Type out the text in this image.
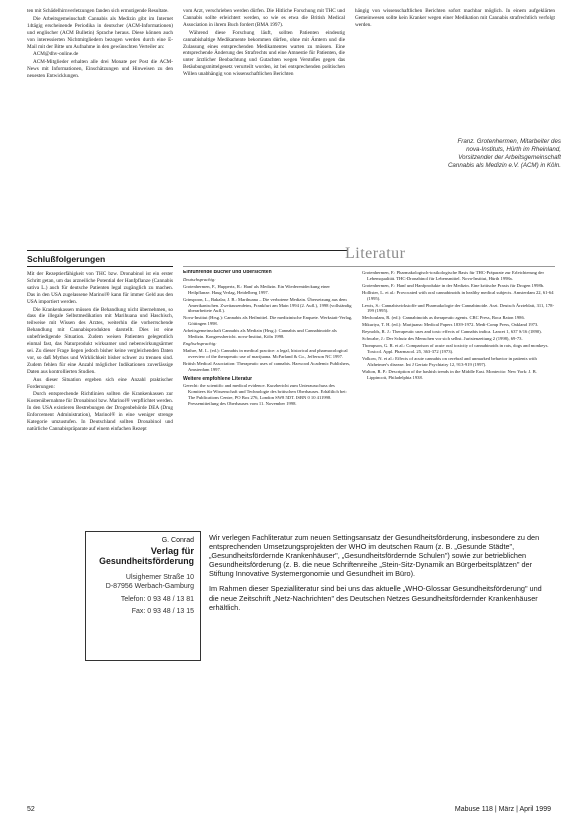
ten mit Schädelhirnverletzungen fanden sich ermutigende Resultate.

Die Arbeitsgemeinschaft Cannabis als Medizin gibt im Internet 14tägig erscheinende Periodika in deutscher (ACM-Informationen) und englischer (ACM Bulletin) Sprache heraus. Diese können auch von interessierten Nichtmitgliedern bezogen werden durch eine E-Mail mit der Bitte um Aufnahme in den gewünschten Verteiler an:

ACM@dhv-online.de

ACM-Mitglieder erhalten alle drei Monate per Post die ACM-News mit Informationen, Einschätzungen und Hinweisen zu den neuesten Entwicklungen.

vom Arzt, verschrieben werden dürfen. Die Hitliche Forschung mit THC und Cannabis sollte erleichtert werden, so wie es etwa die British Medical Association in ihrem Buch fordert (BMA 1997).

Während diese Forschung läuft, sollten Patienten eindeutig cannabishaltige Medikamente bekommen dürfen, ohne mit Ämtern und die Zulassung eines entsprechenden Medikamentes warten zu müssen. Eine entsprechende Änderung des Strafrechts und eine Amnestie für Patienten, die unter ärztlicher Beobachtung und Gutachten wegen Verstoßes gegen das Betäubungsmittelgesetz verurteilt worden, ist bei entsprechenden politischen Willen unabhängig von wissenschaftlichen Berichten

hängig von wissenschaftlichen Berichten sofort machbar möglich. In einem aufgeklärten Gemeinwesen sollte kein Kranker wegen einer Medikation mit Cannabis strafrechtlich verfolgt werden.

Franz. Grotenhermen, Mitarbeiter des
nova-Instituts, Hürth im Rheinland,
Vorsitzender der Arbeitsgemeinschaft
Cannabis als Medizin e.V. (ACM) in Köln.
Schlußfolgerungen

Mit der Rezeptierfähigkeit von THC bzw. Dronabinol ist ein erster Schritt getan, um das arzneiliche Potential der Hanfpflanze (Cannabis sativa L.) auch für deutsche Patienten legal zugänglich zu machen. Das in den USA zugelassene Marinol® kann für immer Geld aus den USA importiert werden.

Die Krankenkassen müssen die Behandlung nicht übernehmen, so dass die illegale Selbstmedikation mit Marihuana und Haschisch, teilweise mit Wissen des Arztes, weiterhin die vorherrschende Behandlung mit Cannabisprodukten darstellt. Dies ist eine unbefriedigende Situation. Zudem weisen Patienten gelegentlich einmal fast, das Naturprodukt wirksamer und nebenwirkungsärmer sei. Zu dieser Frage liegen jedoch bisher keine vergleichenden Daten vor, so daß Mythos und Wirklichkeit bisher schwer zu trennen sind. Zudem fehlen für eine Anzahl möglicher Indikationen zuverlässige Daten aus kontrollierten Studien.

Aus dieser Situation ergeben sich eine Anzahl praktischer Forderungen:

Durch entsprechende Richtlinien sollten die Krankenkassen zur Kostenübernahme für Dronabinol bzw. Marinol® verpflichtet werden. In den USA existieren Bestrebungen der Drogenbehörde DEA (Drug Enforcement Administration), Marinol® in eine weniger strenge Kategorie umzustufen. In Deutschland sollten Dronabinol und natürliche Cannabispräparate auf einem einfachen Rezept

Literatur
Einführende Bücher und Übersichten
Deutschsprachig:

Grotenhermen, F., Huppertz, R.: Hanf als Medizin. Ein Wiederentdeckung einer Heilpflanze. Haug Verlag, Heidelberg 1997.

Grinspoon, L., Bakalar, J. B.: Marihuana – Die verbotene Medizin. Übersetzung aus dem Amerikanischen. Zweitausendeins, Frankfurt am Main 1994 (2. Aufl.), 1998 (vollständig überarbeitete Aufl.).

Nova-Institut (Hrsg.): Cannabis als Heilmittel. Die medizinische Enquete. Werkstatt-Verlag, Göttingen 1998.

Arbeitsgemeinschaft Cannabis als Medizin (Hrsg.): Cannabis und Cannabinoide als Medizin. Kongressbericht. nova-Institut, Köln 1998.

Englischsprachig:

Mathre, M. L. (ed.): Cannabis in medical practice: a legal, historical and pharmacological overview of the therapeutic use of marijuana. McFarland & Co., Jefferson NC 1997.

British Medical Association: Therapeutic uses of cannabis. Harwood Academic Publishers, Amsterdam 1997.

Weitere empfohlene Literatur

Gerecht: the scientific and medical evidence. Kurzbericht zum Unterausschuss des Komitees für Wissenschaft und Technologie des britischen Oberhauses. Erhältlich bei: The Publications Centre, PO Box 276, London SW8 5DT. ISBN 0 10 411998. Pressemitteilung des Oberhauses vom 11. November 1998.

Grotenhermen, F.: Pharmakologisch-toxikologische Basis für THC-Präparate zur Erleichterung der Lebensqualität. THC-Dronabinol für Lebensmittel. Nova-Institut, Hürth 1998a.

Grotenhermen, F.: Hanf und Hanfprodukte in der Medizin. Eine kritische Praxis für Drogen 1998b.

Hollister, L. et al.: Provocated with oral cannabinoids in healthy medical subjects. Amsterdam 22, 61-64 (1995).

Lewis, S.: Cannabisvirkstoffe und Pharmakologie der Cannabinoide. Arzt. Deutsch Ärzteblatt, 311, 178-199 (1995).

Mechoulam, R. (ed.): Cannabinoids as therapeutic agents. CRC Press, Boca Raton 1986.

Mikuriya, T. H. (ed.): Marijuana: Medical Papers 1839-1972. Medi-Comp Press, Oakland 1973.

Reynolds, R. J.: Therapeutic uses and toxic effects of Cannabis indica. Lancet 1, 637 S/16 (1890).

Schwabe, J.: Der Schutz des Menschen vor sich selbst. Juristenzeitung 2 (1998), 69-73.

Thompson, G. R. et al.: Comparison of acute oral toxicity of cannabinoids in rats, dogs and monkeys. Toxicol. Appl. Pharmacol. 25, 363-372 (1973).

Volkow, N. et al.: Effects of acute cannabis on cerebral and unmarked behavior in patients with Alzheimer's disease. Int J Geriatr Psychiatry 12, 913-919 (1997).

Walton, R. P.: Description of the hashish trends in the Middle East. Montecito: New York: J. B. Lippincott, Philadelphia 1938.

G. Conrad
Verlag für
Gesundheitsförderung
Ulsighemer Straße 10
D-87956 Werbach-Gamburg
Telefon: 0 93 48 / 13 81
Fax: 0 93 48 / 13 15

Wir verlegen Fachliteratur zum neuen Settingsansatz der Gesundheitsförderung, insbesondere zu den entsprechenden Umsetzungsprojekten der WHO im deutschen Raum (z. B. „Gesunde Städte", „Gesundheitsfördernde Krankenhäuser", „Gesundheitsfördernde Schulen") sowie zur betrieblichen Gesundheitsförderung (z. B. die neue Schriftenreihe „Stein-Sitz-Dynamik an Bürgerbeitsplätzen" der Stiftung Innovative Systemergonomie und Gesundheit im Büro).

Im Rahmen dieser Spezialliteratur sind bei uns das aktuelle „WHO-Glossar Gesundheitsförderung" und die neue Zeitschrift „Netz-Nachrichten" des Deutschen Netzes Gesundheitsfördernder Krankenhäuser erhältlich.

52	Mabuse 118 | März | April 1999
